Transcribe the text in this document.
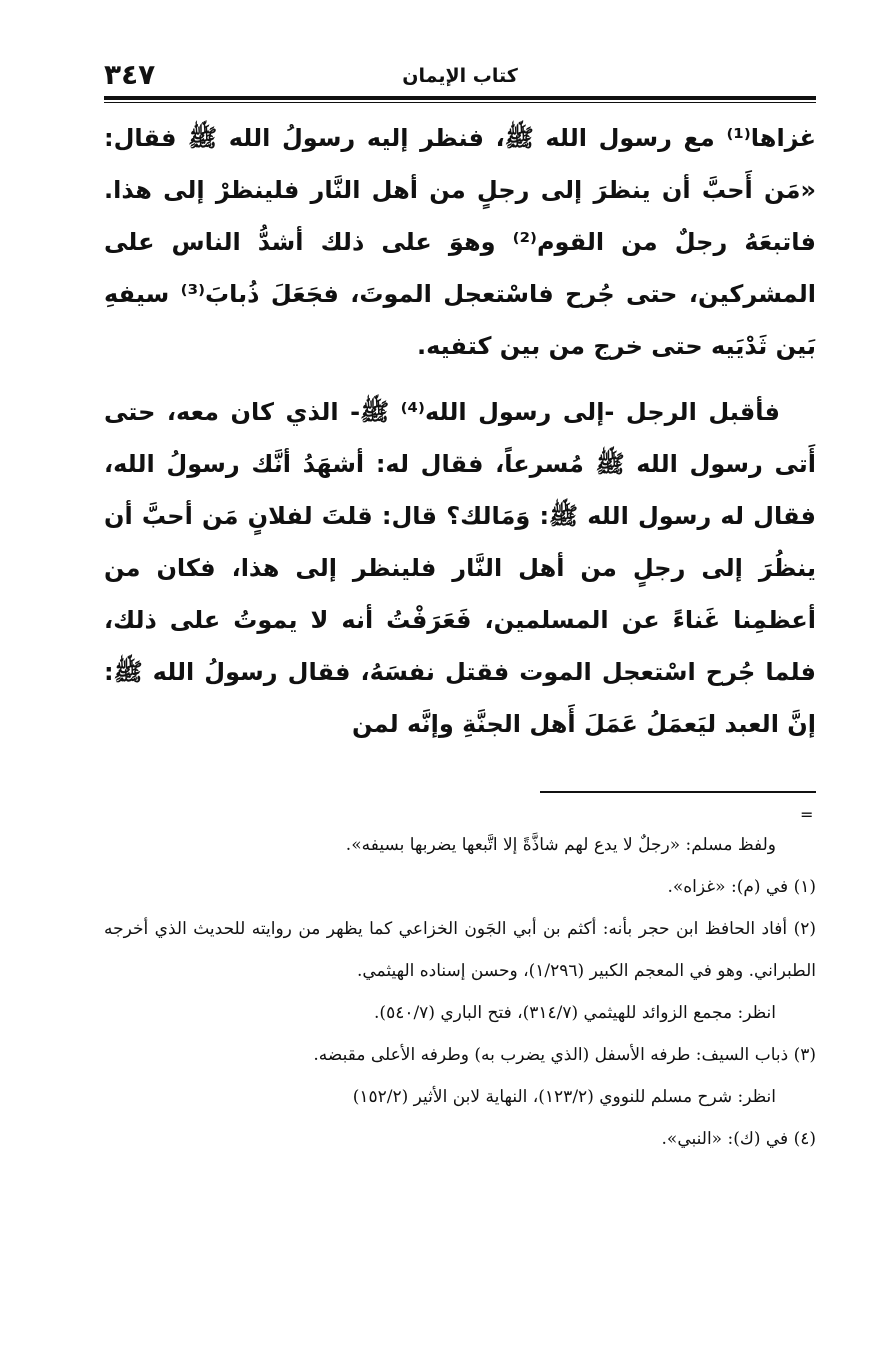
٣٤٧	كتاب الإيمان

غزاها⁽¹⁾ مع رسول الله ﷺ، فنظر إليه رسولُ الله ﷺ فقال: «مَن أَحبَّ أن ينظرَ إلى رجلٍ من أهل النَّار فلينظرْ إلى هذا. فاتبعَهُ رجلٌ من القوم⁽²⁾ وهوَ على ذلك أشدُّ الناس على المشركين، حتى جُرح فاسْتعجل الموتَ، فجَعَلَ ذُبابَ⁽³⁾ سيفهِ بَين ثَدْيَيه حتى خرج من بين كتفيه.

فأقبل الرجل -إلى رسول الله⁽⁴⁾ ﷺ- الذي كان معه، حتى أَتى رسول الله ﷺ مُسرعاً، فقال له: أشهَدُ أنَّك رسولُ الله، فقال له رسول الله ﷺ: وَمَالك؟ قال: قلتَ لفلانٍ مَن أحبَّ أن ينظُرَ إلى رجلٍ من أهل النَّار فلينظر إلى هذا، فكان من أعظمِنا غَناءً عن المسلمين، فَعَرَفْتُ أنه لا يموتُ على ذلك، فلما جُرح اسْتعجل الموت فقتل نفسَهُ، فقال رسولُ الله ﷺ: إنَّ العبد ليَعمَلُ عَمَلَ أَهل الجنَّةِ وإنَّه لمن

=

ولفظ مسلم: «رجلٌ لا يدع لهم شاذَّةً إلا اتَّبعها يضربها بسيفه».

(١) في (م): «غزاه».

(٢) أفاد الحافظ ابن حجر بأنه: أكثم بن أبي الجَون الخزاعي كما يظهر من روايته للحديث الذي أخرجه الطبراني. وهو في المعجم الكبير (١/٢٩٦)، وحسن إسناده الهيثمي.

انظر: مجمع الزوائد للهيثمي (٣١٤/٧)، فتح الباري (٥٤٠/٧).

(٣) ذباب السيف: طرفه الأسفل (الذي يضرب به) وطرفه الأعلى مقبضه.

انظر: شرح مسلم للنووي (١٢٣/٢)، النهاية لابن الأثير (١٥٢/٢)

(٤) في (ك): «النبي».
